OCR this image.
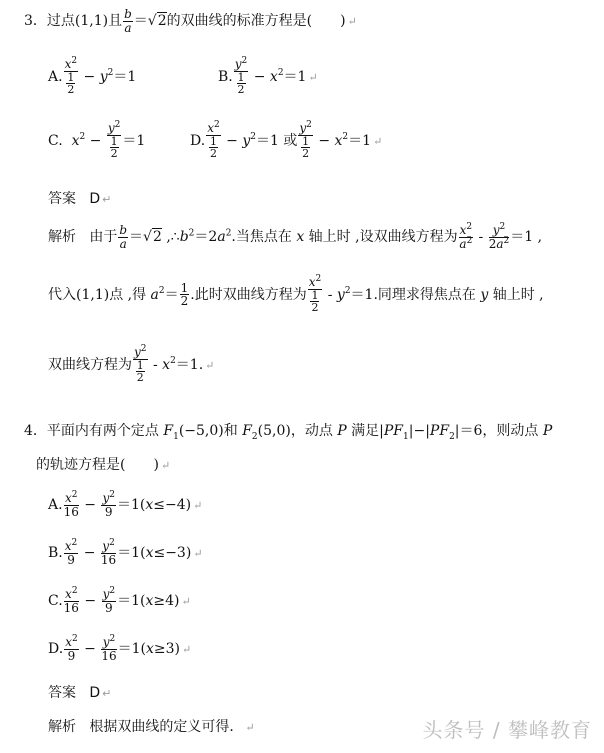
3．过点(1,1)且 $\frac{b}{a} =√2$的双曲线的标准方程是(　　) ↵
A. $\frac{x^2}{\frac{1}{2}} - y^2=1$	B. $\frac{y^2}{\frac{1}{2}} - x^2=1$ ↵
C.  $x^2 - \frac{y^2}{\frac{1}{2}} =1$	D. $\frac{x^2}{\frac{1}{2}} - y^2=1$ 或 $\frac{y^2}{\frac{1}{2}} - x^2=1$ ↵
答案 D ↵
解析   由于 $\frac{b}{a} =√2$ $,\therefore b^2=2a^2$.当焦点在 x 轴上时 ,设双曲线方程为 $\frac{x^2}{a^2} - \frac{y^2}{2a^2} =1$ ,
代入(1,1)点 ,得 $a^2= \frac{1}{2}$ .此时双曲线方程为 $\frac{x^2}{\frac{1}{2}} - y^2=1$.同理求得焦点在 y 轴上时 ,
双曲线方程为 $\frac{y^2}{\frac{1}{2}} - x^2=1$. ↵
4．平面内有两个定点 $F_1(-5,0)$和 $F_2(5,0)$，动点 P 满足$|PF_1|-|PF_2|=6$，则动点 P
的轨迹方程是(　　) ↵
A. $\frac{x^2}{16} - \frac{y^2}{9} =1(x\le-4)$ ↵
B. $\frac{x^2}{9} - \frac{y^2}{16} =1(x\le-3)$ ↵
C. $\frac{x^2}{16} - \frac{y^2}{9} =1(x\ge 4)$ ↵
D. $\frac{x^2}{9} - \frac{y^2}{16} =1(x\ge 3)$ ↵
答案 D ↵
解析 根据双曲线的定义可得． ↵	头条号 / 攀峰教育
